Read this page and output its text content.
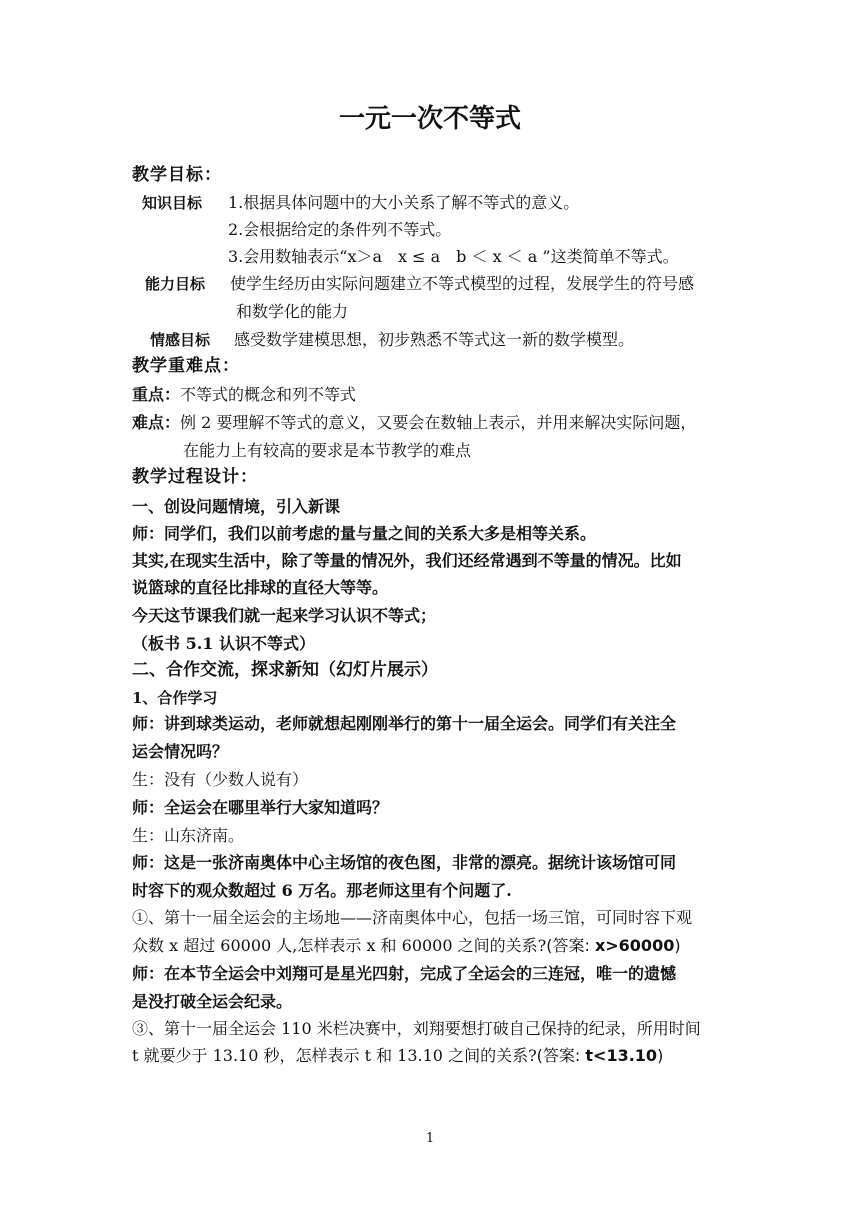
一元一次不等式
教学目标：
知识目标 1.根据具体问题中的大小关系了解不等式的意义。
2.会根据给定的条件列不等式。
3.会用数轴表示“x＞a　x ≤ a　b ＜ x ＜ a ”这类简单不等式。
能力目标 使学生经历由实际问题建立不等式模型的过程，发展学生的符号感
和数学化的能力
情感目标 感受数学建模思想，初步熟悉不等式这一新的数学模型。
教学重难点：
重点：不等式的概念和列不等式
难点：例 2 要理解不等式的意义，又要会在数轴上表示，并用来解决实际问题，
在能力上有较高的要求是本节教学的难点
教学过程设计：
一、创设问题情境，引入新课
师：同学们，我们以前考虑的量与量之间的关系大多是相等关系。
其实,在现实生活中，除了等量的情况外，我们还经常遇到不等量的情况。比如
说篮球的直径比排球的直径大等等。
今天这节课我们就一起来学习认识不等式；
（板书 5.1 认识不等式）
二、合作交流，探求新知（幻灯片展示）
1、合作学习
师：讲到球类运动，老师就想起刚刚举行的第十一届全运会。同学们有关注全
运会情况吗？
生：没有（少数人说有）
师：全运会在哪里举行大家知道吗？
生：山东济南。
师：这是一张济南奥体中心主场馆的夜色图，非常的漂亮。据统计该场馆可同
时容下的观众数超过 6 万名。那老师这里有个问题了.
①、第十一届全运会的主场地——济南奥体中心，包括一场三馆，可同时容下观
众数 x 超过 60000 人,怎样表示 x 和 60000 之间的关系?(答案: x>60000)
师：在本节全运会中刘翔可是星光四射，完成了全运会的三连冠，唯一的遗憾
是没打破全运会纪录。
③、第十一届全运会 110 米栏决赛中，刘翔要想打破自己保持的纪录，所用时间
t 就要少于 13.10 秒，怎样表示 t 和 13.10 之间的关系?(答案: t<13.10)
1
